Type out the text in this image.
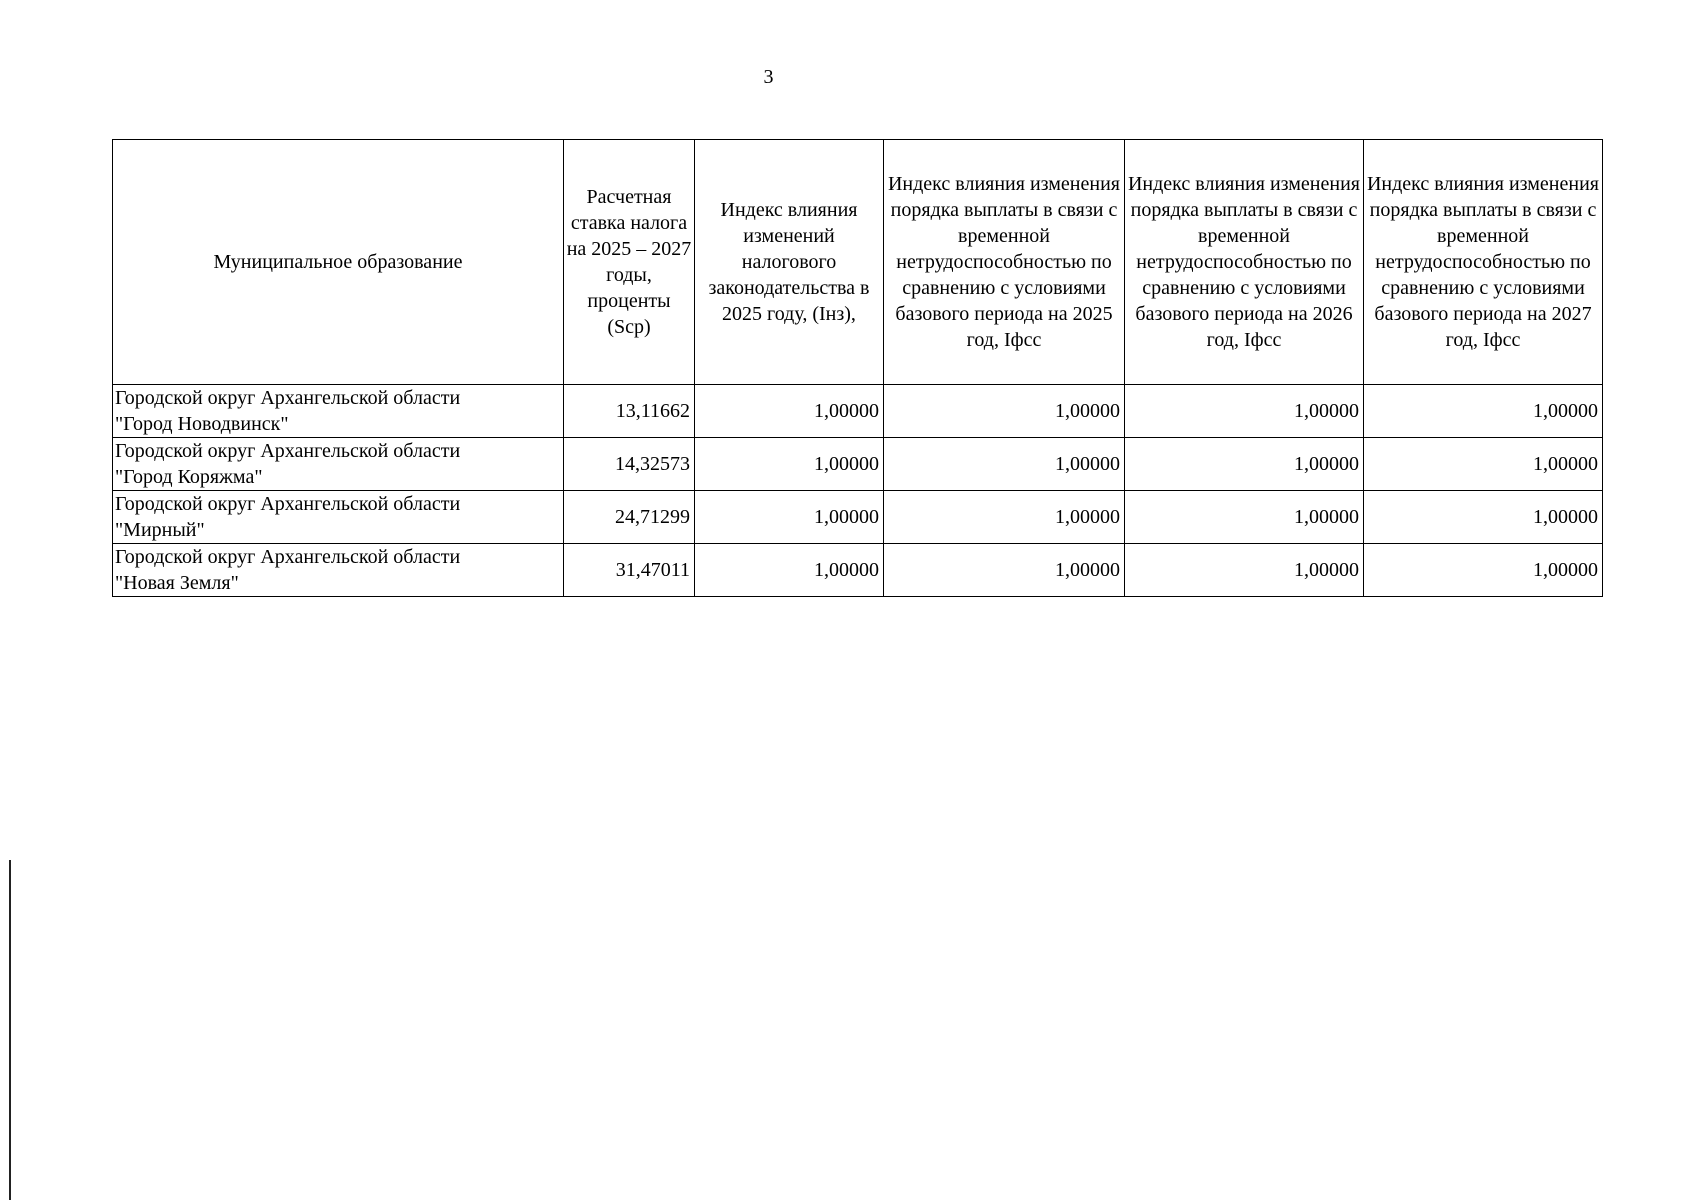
3
Муниципальное образование	Расчетная ставка налога на 2025 – 2027 годы, проценты (Sср)	Индекс влияния изменений налогового законодательства в 2025 году, (Iнз),	Индекс влияния изменения порядка выплаты в связи с временной нетрудоспособностью по сравнению с условиями базового периода на 2025 год, Iфсс	Индекс влияния изменения порядка выплаты в связи с временной нетрудоспособностью по сравнению с условиями базового периода на 2026 год, Iфсс	Индекс влияния изменения порядка выплаты в связи с временной нетрудоспособностью по сравнению с условиями базового периода на 2027 год, Iфсс

Городской округ Архангельской области
"Город Новодвинск"	13,11662	1,00000	1,00000	1,00000	1,00000

Городской округ Архангельской области
"Город Коряжма"	14,32573	1,00000	1,00000	1,00000	1,00000

Городской округ Архангельской области
"Мирный"	24,71299	1,00000	1,00000	1,00000	1,00000

Городской округ Архангельской области
"Новая Земля"	31,47011	1,00000	1,00000	1,00000	1,00000
